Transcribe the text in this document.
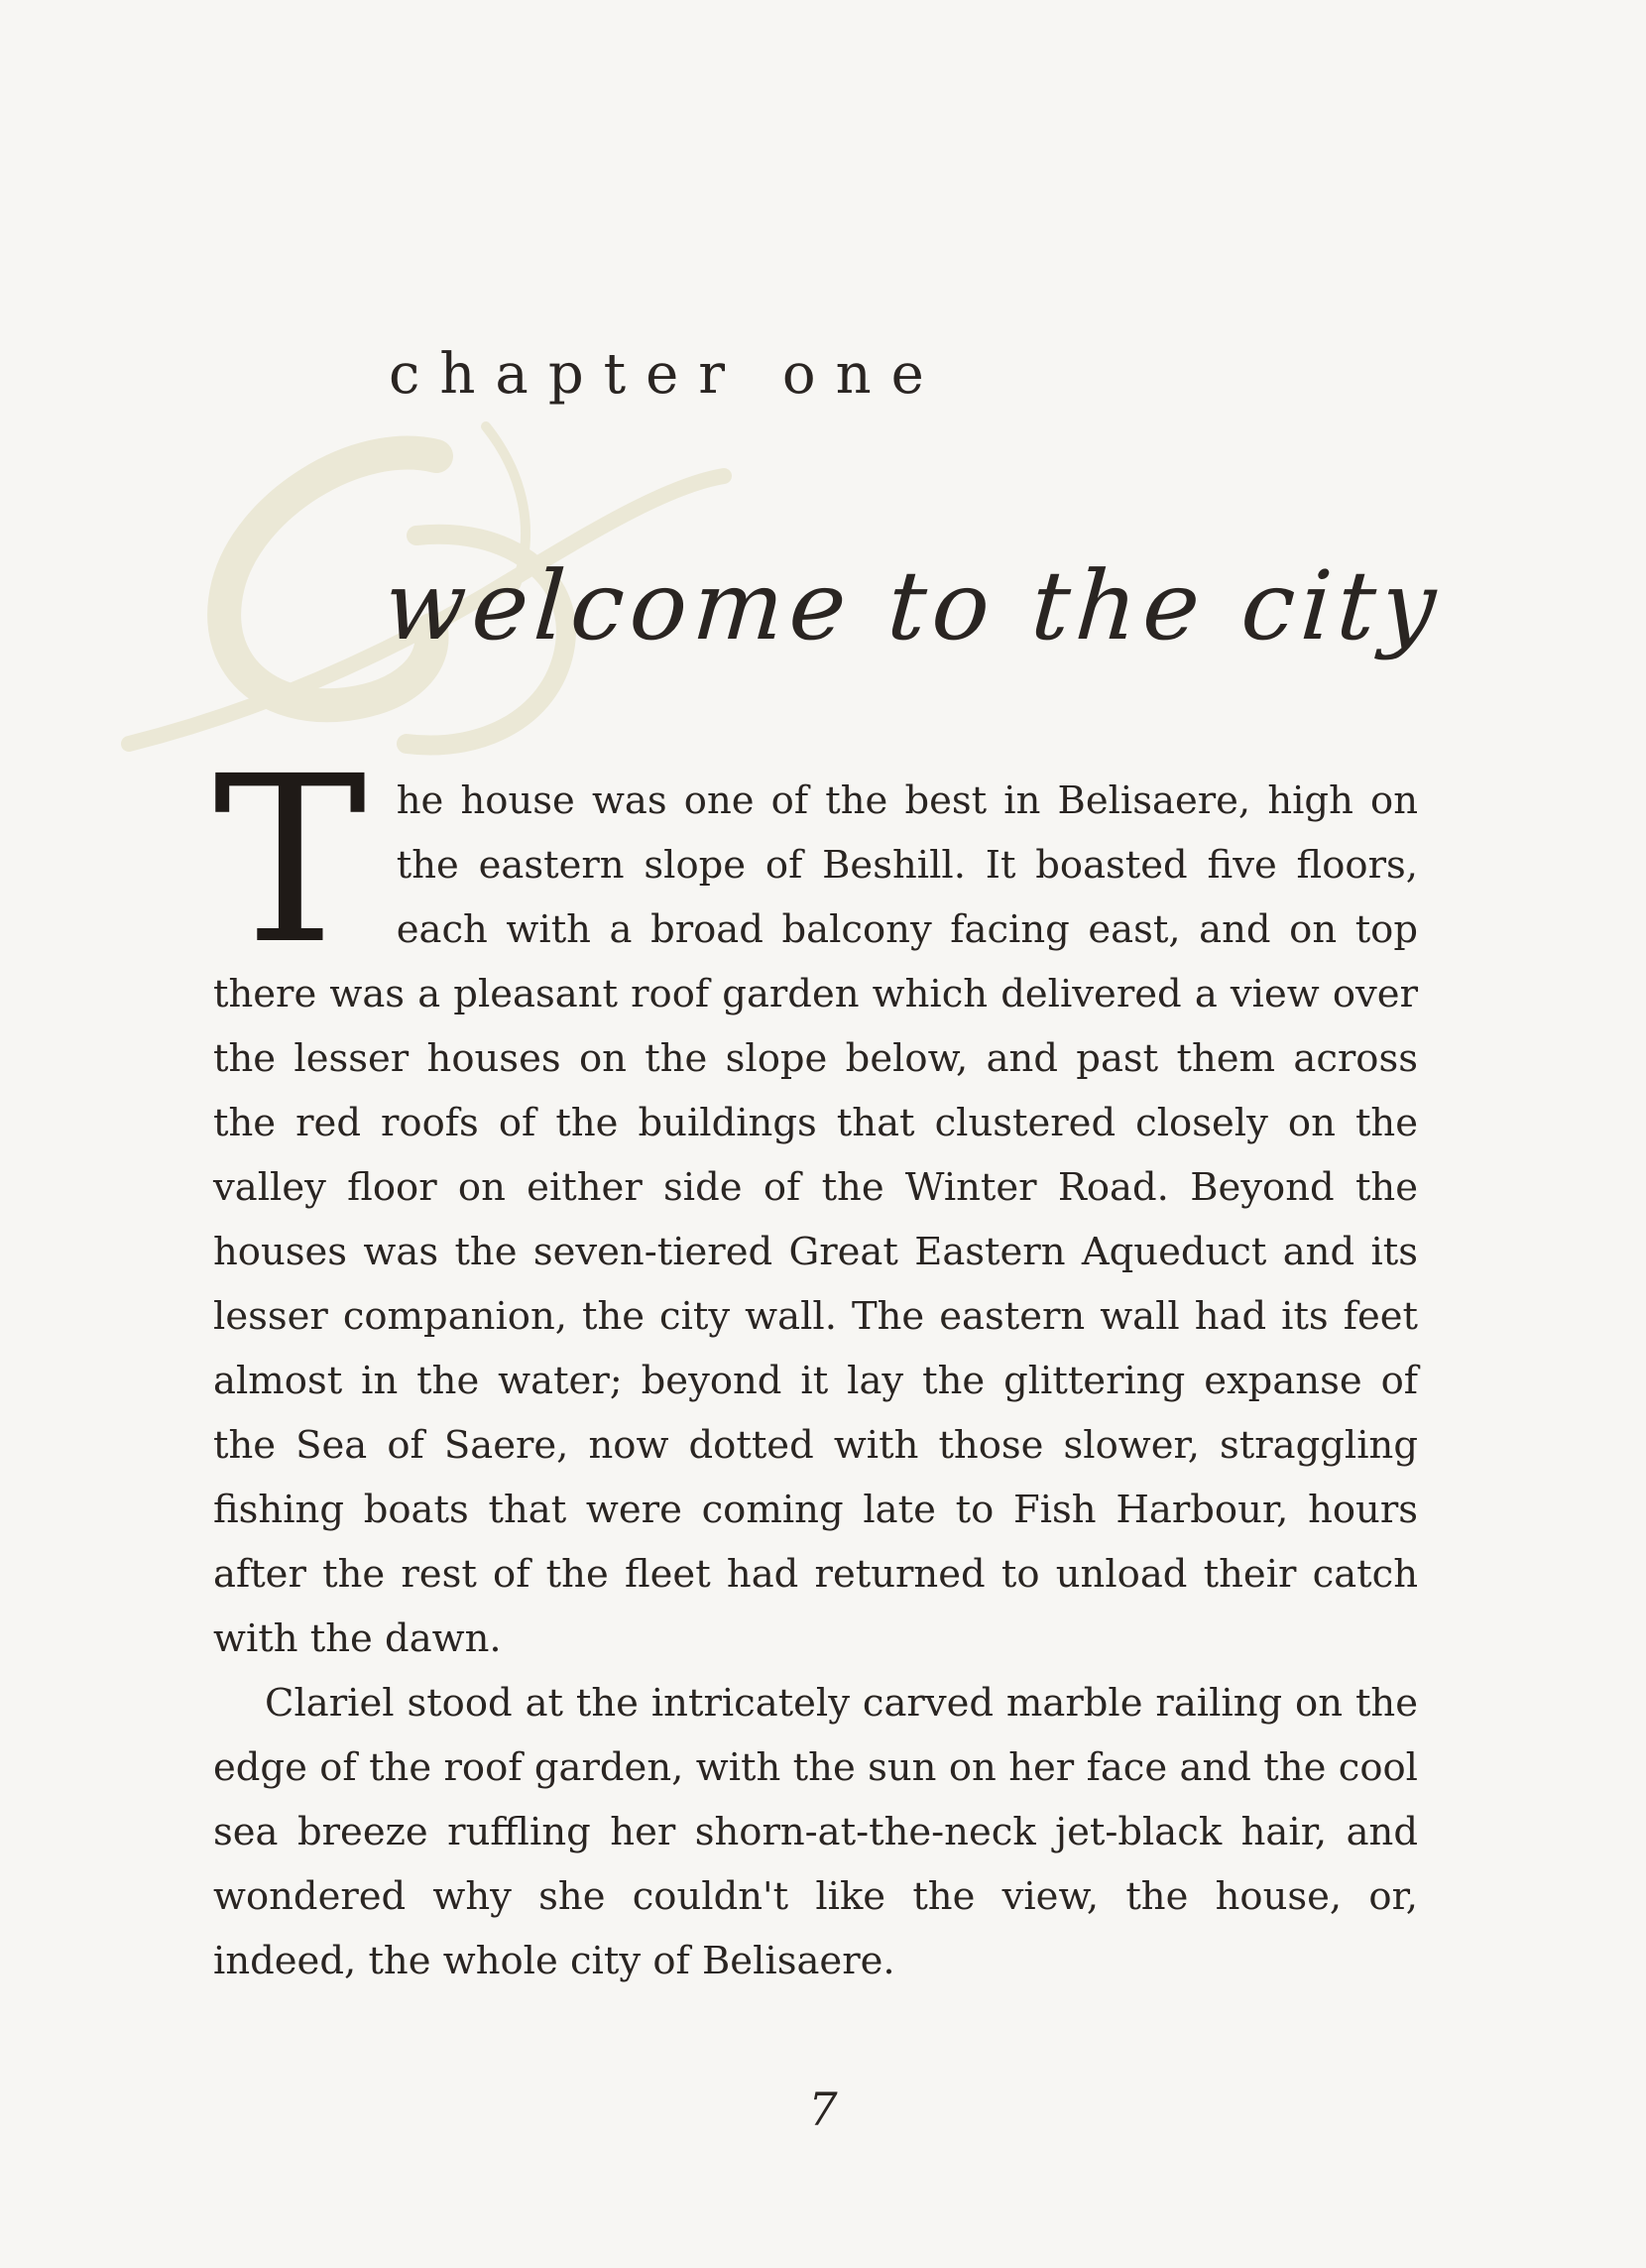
chapter one
welcome to the city

The house was one of the best in Belisaere, high on the eastern slope of Beshill. It boasted five floors, each with a broad balcony facing east, and on top there was a pleasant roof garden which delivered a view over the lesser houses on the slope below, and past them across the red roofs of the buildings that clustered closely on the valley floor on either side of the Winter Road. Beyond the houses was the seven-tiered Great Eastern Aqueduct and its lesser companion, the city wall. The eastern wall had its feet almost in the water; beyond it lay the glittering expanse of the Sea of Saere, now dotted with those slower, straggling fishing boats that were coming late to Fish Harbour, hours after the rest of the fleet had returned to unload their catch with the dawn.

Clariel stood at the intricately carved marble railing on the edge of the roof garden, with the sun on her face and the cool sea breeze ruffling her shorn-at-the-neck jet-black hair, and wondered why she couldn't like the view, the house, or, indeed, the whole city of Belisaere.

7
